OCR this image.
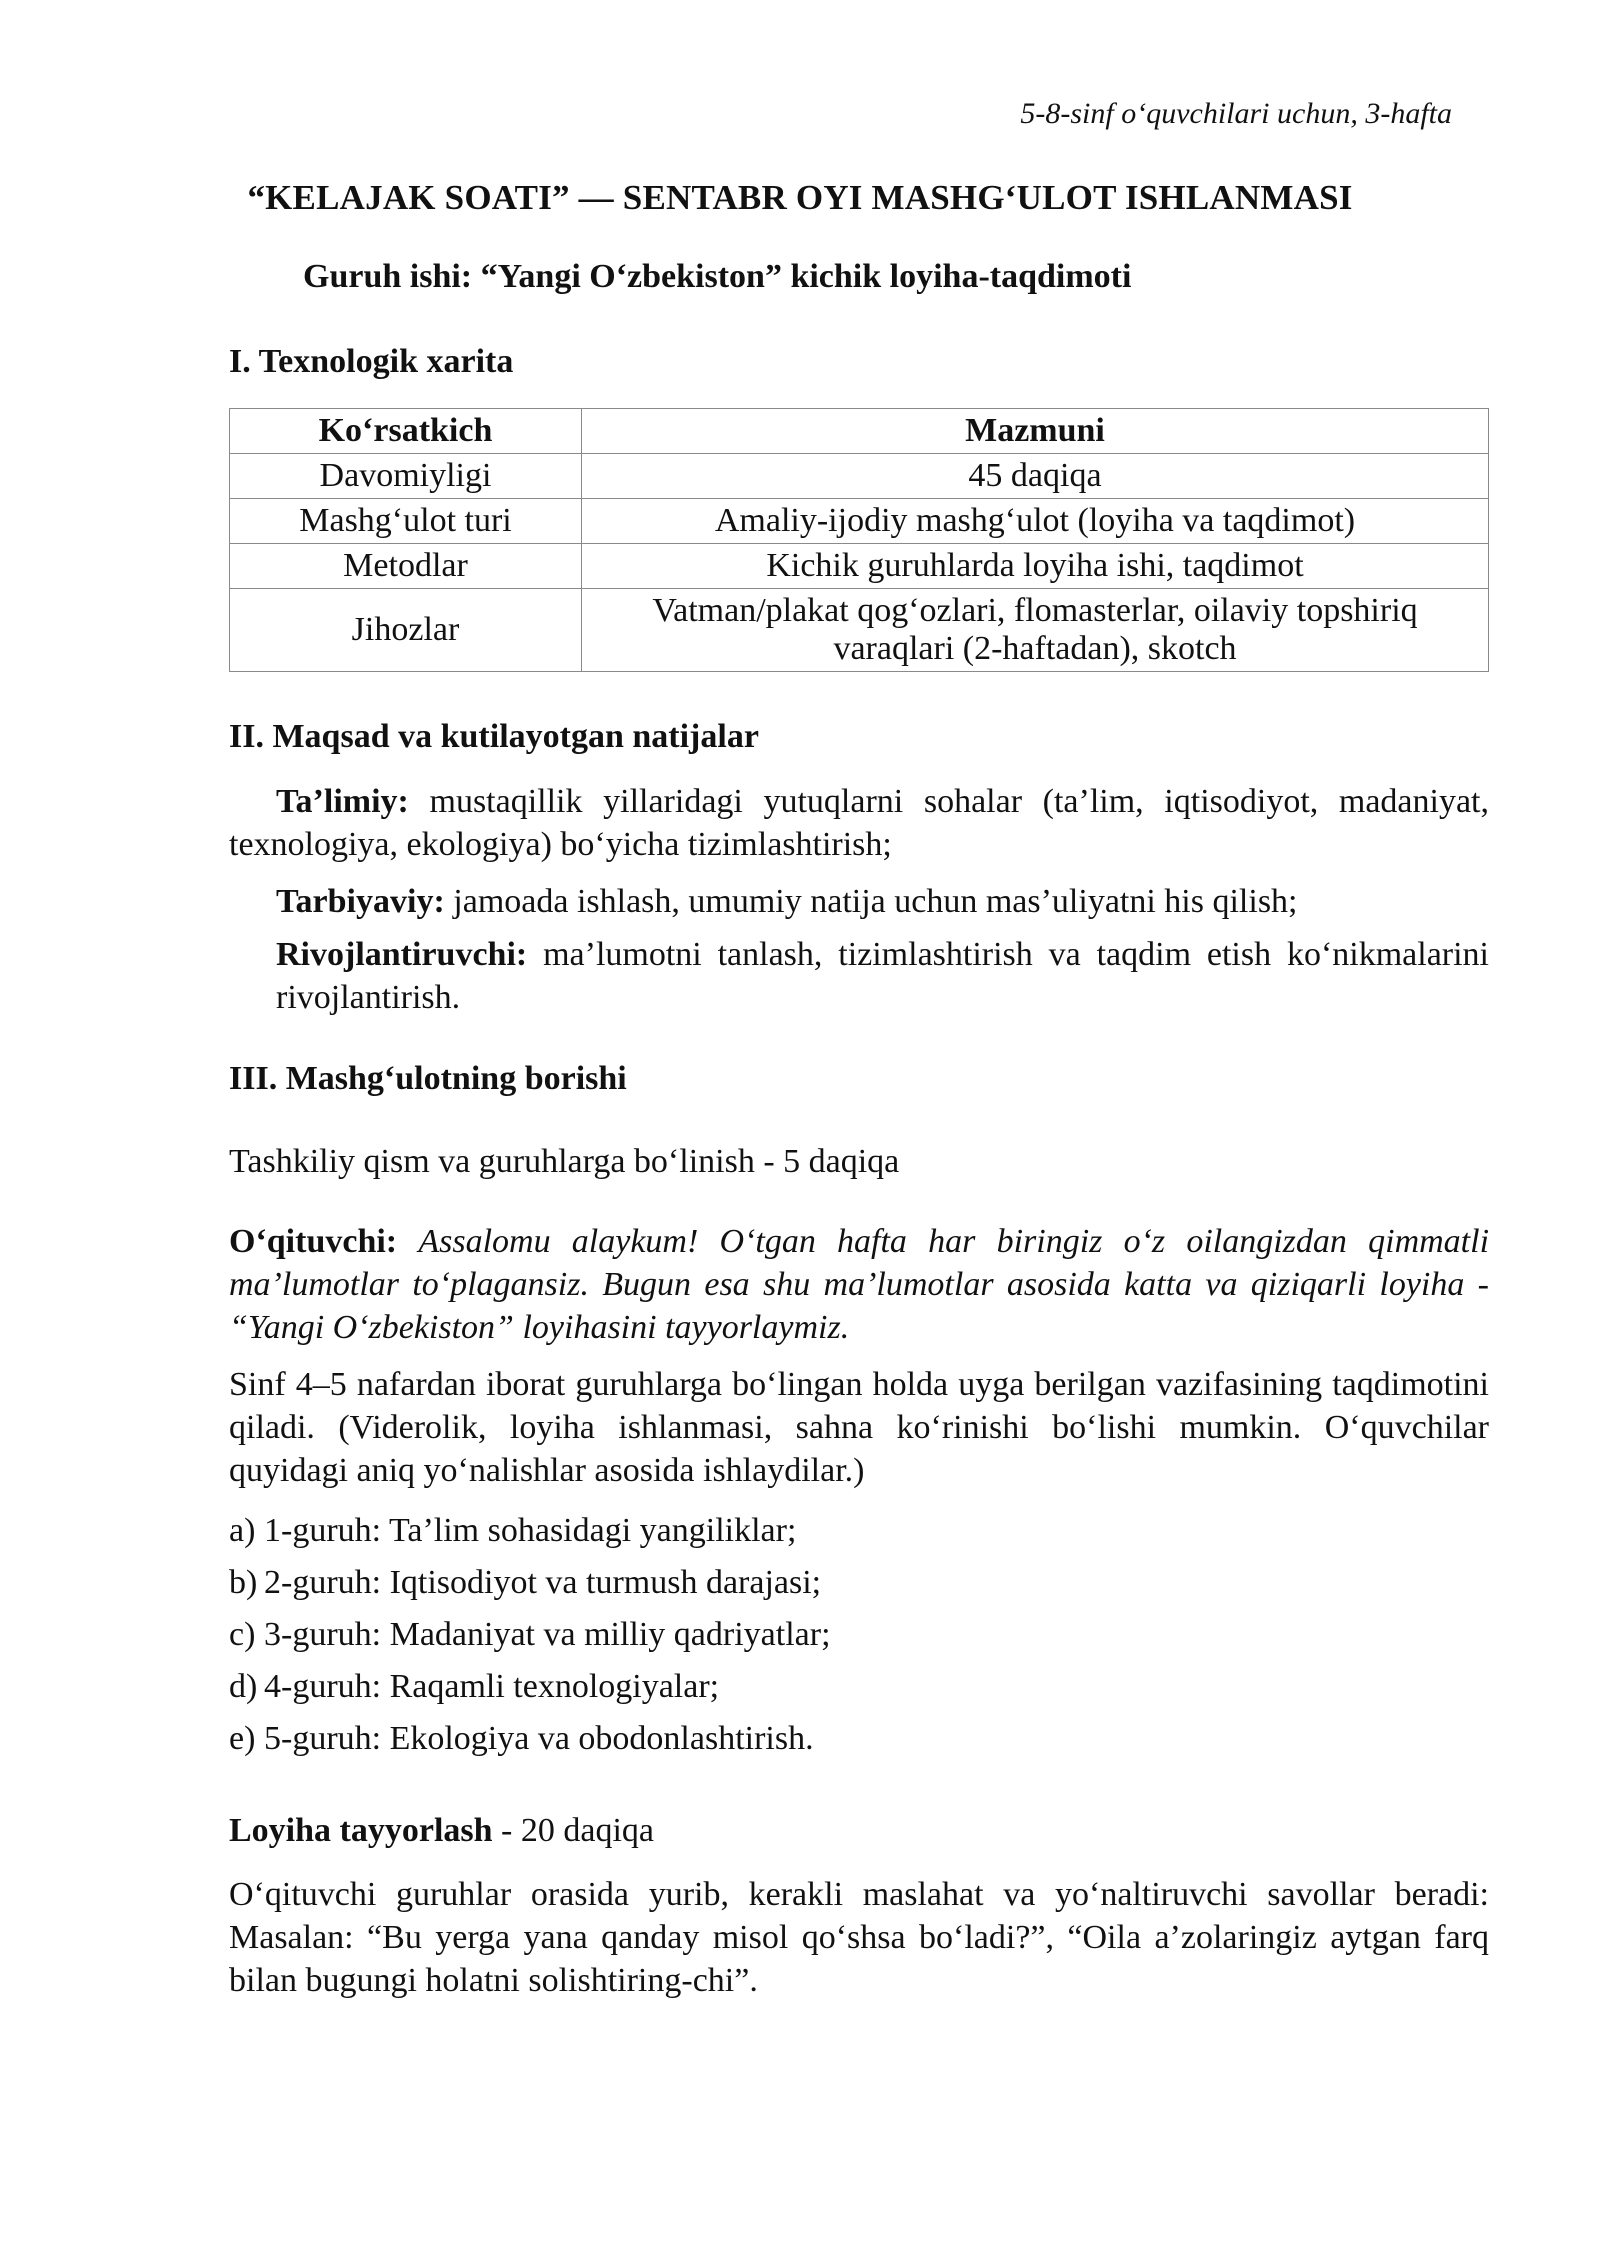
5-8-sinf o‘quvchilari uchun, 3-hafta
“KELAJAK SOATI” — SENTABR OYI MASHG‘ULOT ISHLANMASI
Guruh ishi: “Yangi O‘zbekiston” kichik loyiha-taqdimoti
I. Texnologik xarita
Ko‘rsatkich	Mazmuni
Davomiyligi	45 daqiqa
Mashg‘ulot turi	Amaliy-ijodiy mashg‘ulot (loyiha va taqdimot)
Metodlar	Kichik guruhlarda loyiha ishi, taqdimot
Jihozlar	Vatman/plakat qog‘ozlari, flomasterlar, oilaviy topshiriq varaqlari (2-haftadan), skotch
II. Maqsad va kutilayotgan natijalar
Ta’limiy: mustaqillik yillaridagi yutuqlarni sohalar (ta’lim, iqtisodiyot, madaniyat, texnologiya, ekologiya) bo‘yicha tizimlashtirish;
Tarbiyaviy: jamoada ishlash, umumiy natija uchun mas’uliyatni his qilish;
Rivojlantiruvchi: ma’lumotni tanlash, tizimlashtirish va taqdim etish ko‘nikmalarini rivojlantirish.
III. Mashg‘ulotning borishi
Tashkiliy qism va guruhlarga bo‘linish - 5 daqiqa
O‘qituvchi: Assalomu alaykum! O‘tgan hafta har biringiz o‘z oilangizdan qimmatli ma’lumotlar to‘plagansiz. Bugun esa shu ma’lumotlar asosida katta va qiziqarli loyiha - “Yangi O‘zbekiston” loyihasini tayyorlaymiz.
Sinf 4–5 nafardan iborat guruhlarga bo‘lingan holda uyga berilgan vazifasining taqdimotini qiladi. (Viderolik, loyiha ishlanmasi, sahna ko‘rinishi bo‘lishi mumkin. O‘quvchilar quyidagi aniq yo‘nalishlar asosida ishlaydilar.)
a) 1-guruh: Ta’lim sohasidagi yangiliklar;
b) 2-guruh: Iqtisodiyot va turmush darajasi;
c) 3-guruh: Madaniyat va milliy qadriyatlar;
d) 4-guruh: Raqamli texnologiyalar;
e) 5-guruh: Ekologiya va obodonlashtirish.
Loyiha tayyorlash - 20 daqiqa
O‘qituvchi guruhlar orasida yurib, kerakli maslahat va yo‘naltiruvchi savollar beradi: Masalan: “Bu yerga yana qanday misol qo‘shsa bo‘ladi?”, “Oila a’zolaringiz aytgan farq bilan bugungi holatni solishtiring-chi”.
